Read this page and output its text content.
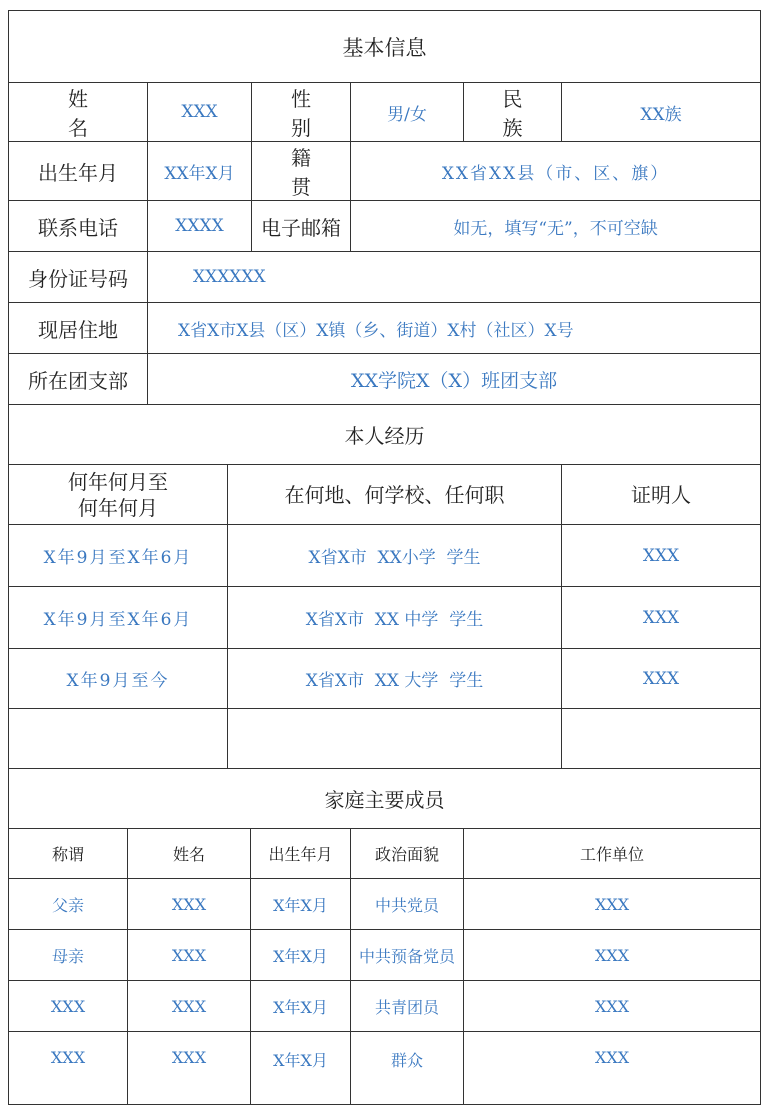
基本信息					
姓名	XXX	性别	男/女	民族	XX族
出生年月	XX年X月	籍贯	XX省XX县（市、区、旗）		
联系电话	XXXX	电子邮箱	如无，填写“无”，不可空缺		
身份证号码	XXXXXX				
现居住地	X省X市X县（区）X镇（乡、街道）X村（社区）X号				
所在团支部	XX学院X（X）班团支部				
本人经历		

何年何月至
何年何月	在何地、何学校、任何职	证明人
X年9月至X年6月	X省X市  XX小学  学生	XXX
X年9月至X年6月	X省X市  XX 中学  学生	XXX
X年9月至今	X省X市  XX 大学  学生	XXX

家庭主要成员				
称谓	姓名	出生年月	政治面貌	工作单位
父亲	XXX	X年X月	中共党员	XXX
母亲	XXX	X年X月	中共预备党员	XXX
XXX	XXX	X年X月	共青团员	XXX
XXX	XXX	X年X月	群众	XXX
